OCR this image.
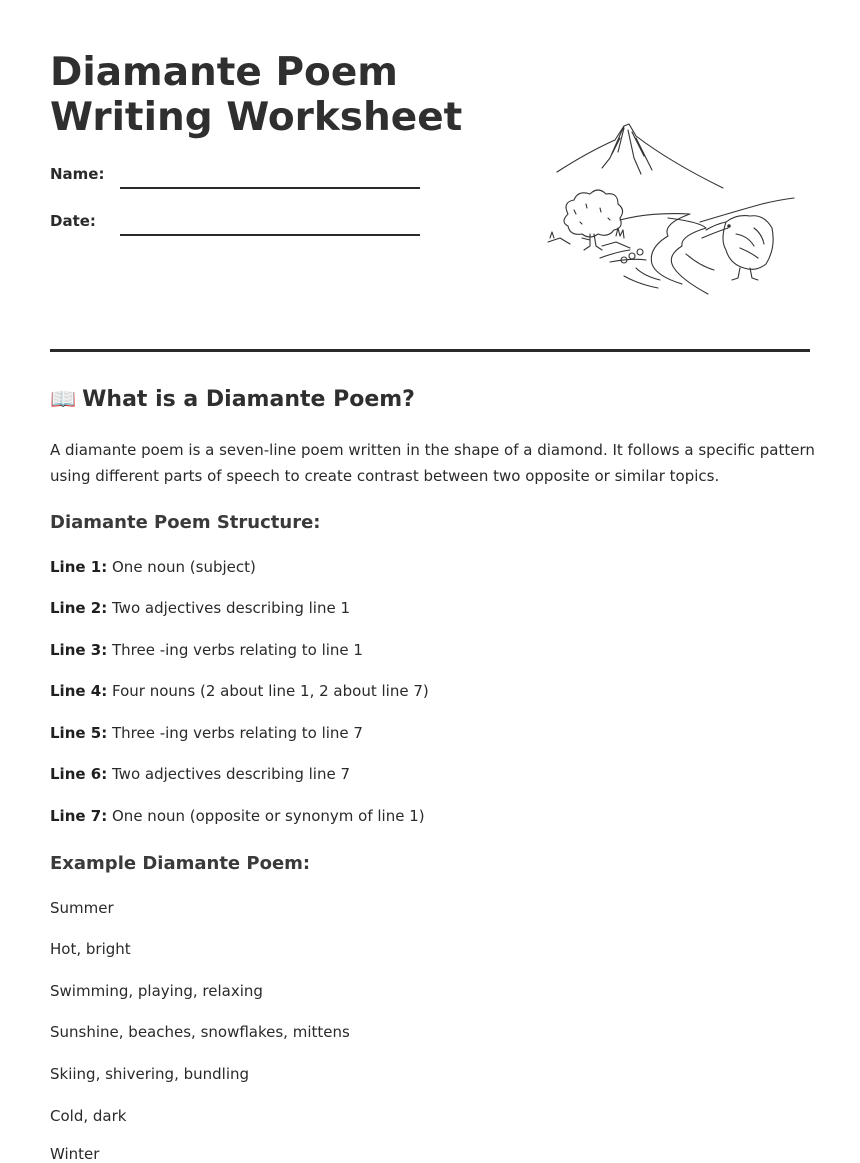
Diamante Poem Writing Worksheet
Name:
Date:
📖 What is a Diamante Poem?

A diamante poem is a seven-line poem written in the shape of a diamond. It follows a specific pattern using different parts of speech to create contrast between two opposite or similar topics.

Diamante Poem Structure:
Line 1: One noun (subject)
Line 2: Two adjectives describing line 1
Line 3: Three -ing verbs relating to line 1
Line 4: Four nouns (2 about line 1, 2 about line 7)
Line 5: Three -ing verbs relating to line 7
Line 6: Two adjectives describing line 7
Line 7: One noun (opposite or synonym of line 1)
Example Diamante Poem:
Summer
Hot, bright
Swimming, playing, relaxing
Sunshine, beaches, snowflakes, mittens
Skiing, shivering, bundling
Cold, dark
Winter
